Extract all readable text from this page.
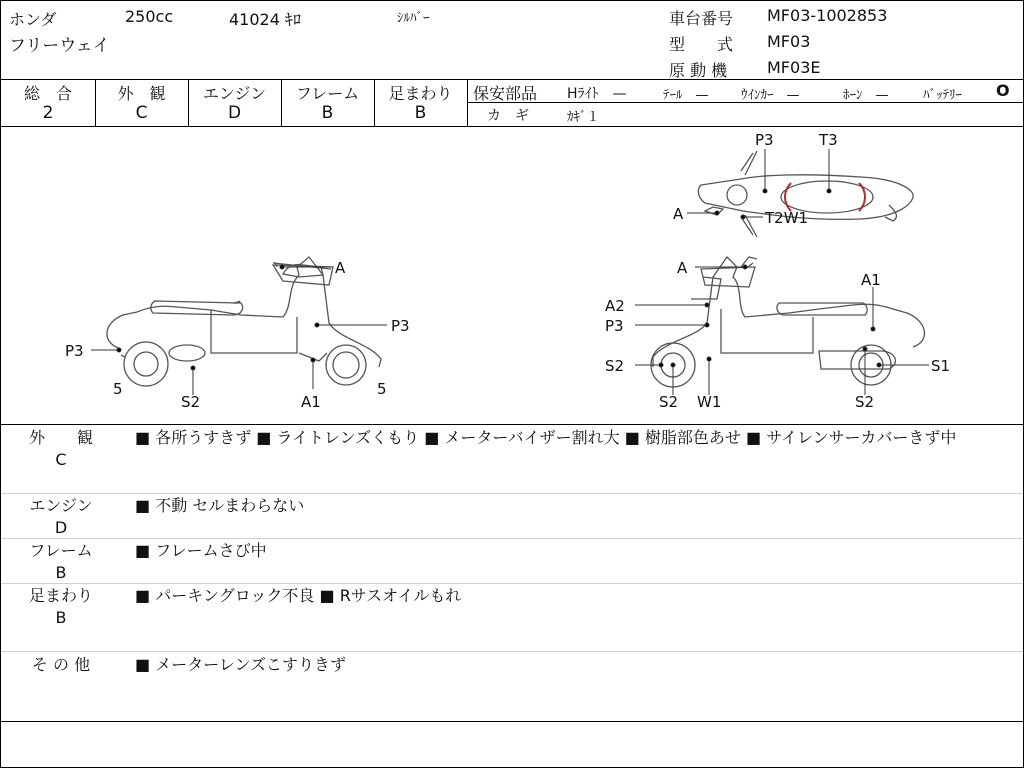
ホンダ	250cc	41024 ｷﾛ	ｼﾙﾊﾞｰ
フリーウェイ
車台番号 MF03-1002853
型　　式 MF03
原 動 機 MF03E
総　合
2
外　観
C
エンジン
D
フレーム
B
足まわり
B
保安部品 Hﾗｲﾄ　—	ﾃｰﾙ　— ｳｲﾝｶｰ　—	ﾎｰﾝ　—	ﾊﾞｯﾃﾘｰ O
カ　ギ	ｶｷﾞ１
A
P3
P3
5
S2	A1
5
A
A1
A2
P3
S2	S1
S2 W1	S2
P3	T3
A	T2W1
外　　観
C
■ 各所うすきず ■ ライトレンズくもり ■ メーターバイザー割れ大 ■ 樹脂部色あせ ■ サイレンサーカバーきず中
エンジン
D
■ 不動 セルまわらない
フレーム
B
■ フレームさび中
足まわり
B
■ パーキングロック不良 ■ Rサスオイルもれ
そ の 他	■ メーターレンズこすりきず
